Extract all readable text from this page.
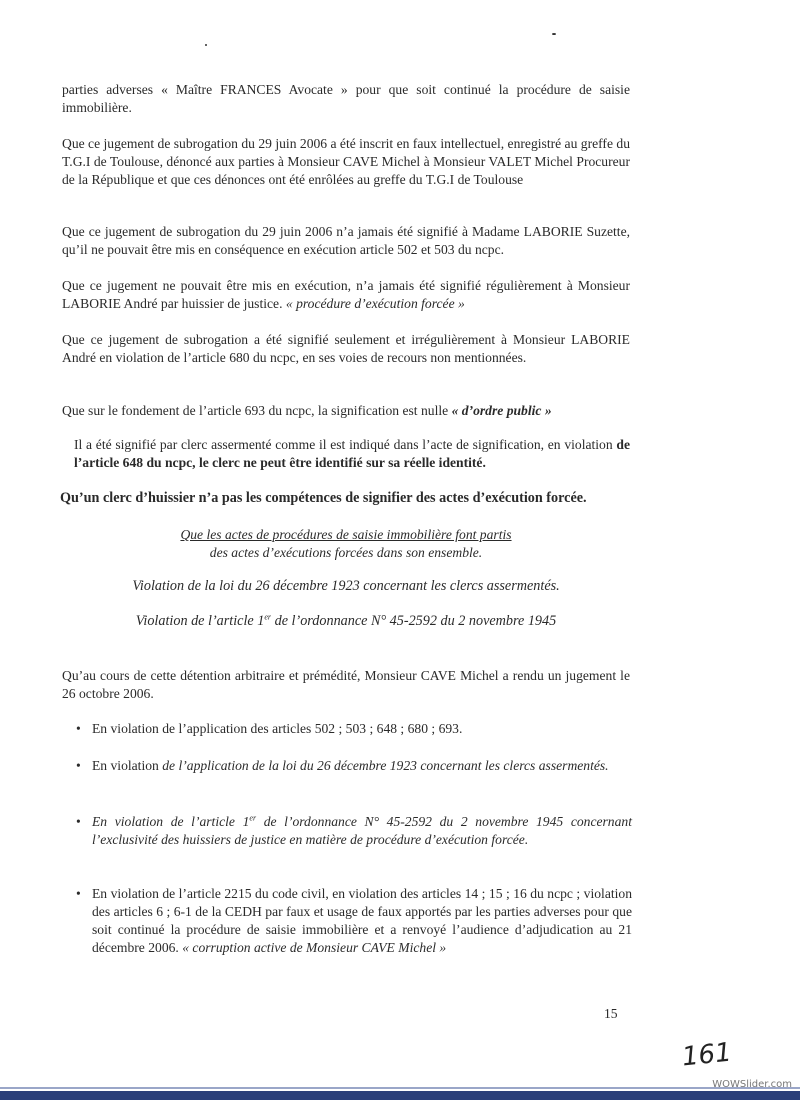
parties adverses « Maître FRANCES Avocate » pour que soit continué la procédure de saisie immobilière.

Que ce jugement de subrogation du 29 juin 2006 a été inscrit en faux intellectuel, enregistré au greffe du T.G.I de Toulouse, dénoncé aux parties à Monsieur CAVE Michel à Monsieur VALET Michel Procureur de la République et que ces dénonces ont été enrôlées au greffe du T.G.I de Toulouse

Que ce jugement de subrogation du 29 juin 2006 n’a jamais été signifié à Madame LABORIE Suzette, qu’il ne pouvait être mis en conséquence en exécution article 502 et 503 du ncpc.

Que ce jugement ne pouvait être mis en exécution, n’a jamais été signifié régulièrement à Monsieur LABORIE André par huissier de justice. « procédure d’exécution forcée »

Que ce jugement de subrogation a été signifié seulement et irrégulièrement à Monsieur LABORIE André en violation de l’article 680 du ncpc, en ses voies de recours non mentionnées.

Que sur le fondement de l’article 693 du ncpc, la signification est nulle « d’ordre public »

Il a été signifié par clerc assermenté comme il est indiqué dans l’acte de signification, en violation de l’article 648 du ncpc, le clerc ne peut être identifié sur sa réelle identité.

Qu’un clerc d’huissier n’a pas les compétences de signifier des actes d’exécution forcée.

Que les actes de procédures de saisie immobilière font partis
des actes d’exécutions forcées dans son ensemble.

Violation de la loi du 26 décembre 1923 concernant les clercs assermentés.

Violation de l’article 1er de l’ordonnance N° 45-2592 du 2 novembre 1945

Qu’au cours de cette détention arbitraire et prémédité, Monsieur CAVE Michel a rendu un jugement le 26 octobre 2006.

• En violation de l’application des articles 502 ; 503 ; 648 ; 680 ; 693.
• En violation de l’application de la loi du 26 décembre 1923 concernant les clercs assermentés.
• En violation de l’article 1er de l’ordonnance N° 45-2592 du 2 novembre 1945 concernant l’exclusivité des huissiers de justice en matière de procédure d’exécution forcée.
• En violation de l’article 2215 du code civil, en violation des articles 14 ; 15 ; 16 du ncpc ; violation des articles 6 ; 6-1 de la CEDH par faux et usage de faux apportés par les parties adverses pour que soit continué la procédure de saisie immobilière et a renvoyé l’audience d’adjudication au 21 décembre 2006. « corruption active de Monsieur CAVE Michel »
15
161
WOWSlider.com
